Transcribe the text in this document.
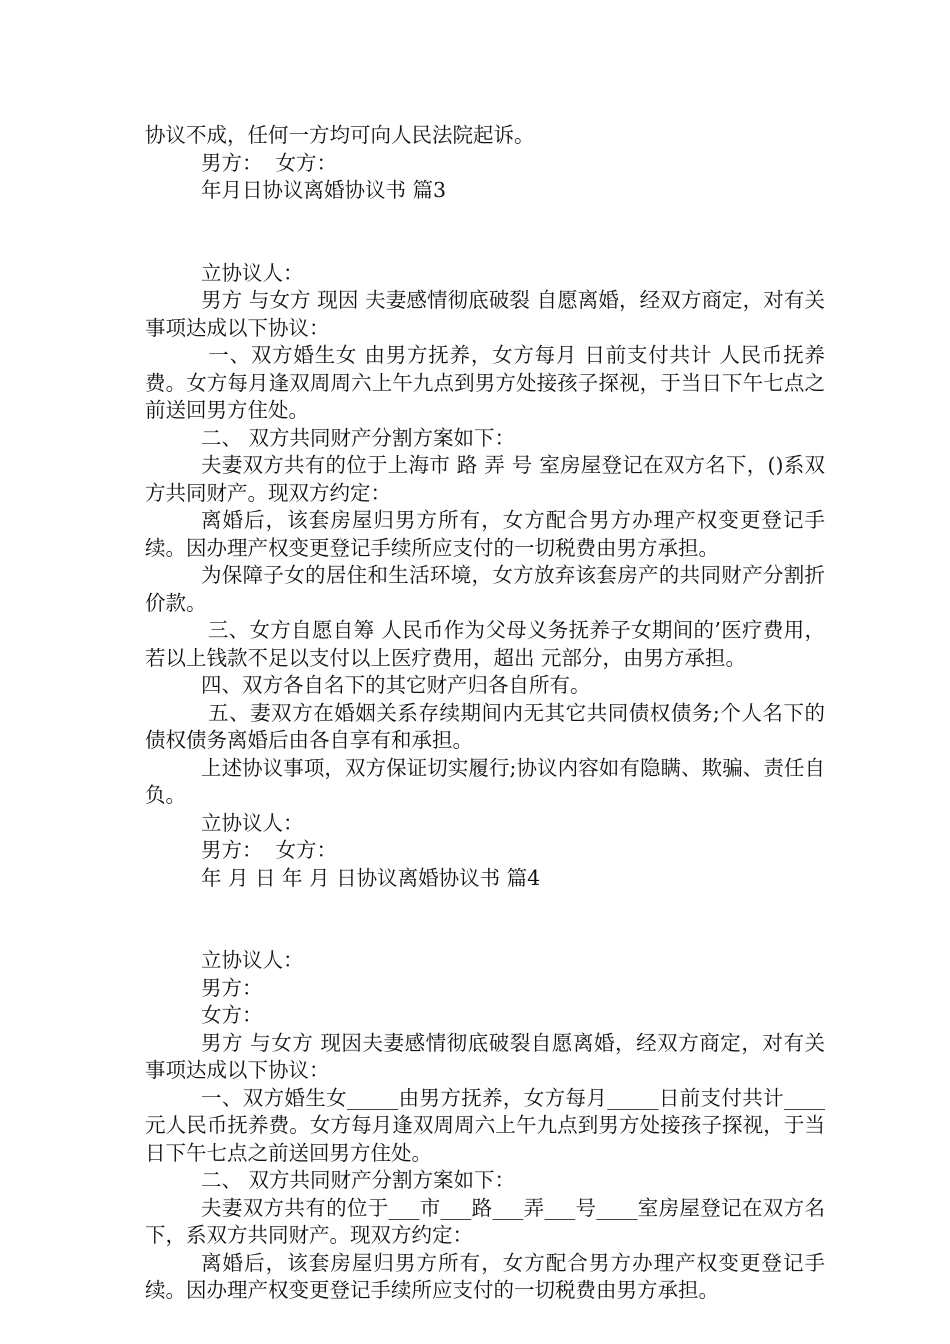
协议不成，任何一方均可向人民法院起诉。

男方：  女方：

年月日协议离婚协议书 篇3

立协议人：

男方 与女方 现因 夫妻感情彻底破裂 自愿离婚，经双方商定，对有关事项达成以下协议：

一、双方婚生女 由男方抚养，女方每月 日前支付共计 人民币抚养费。女方每月逢双周周六上午九点到男方处接孩子探视，于当日下午七点之前送回男方住处。

二、 双方共同财产分割方案如下：

夫妻双方共有的位于上海市 路 弄 号 室房屋登记在双方名下，()系双方共同财产。现双方约定：

离婚后，该套房屋归男方所有，女方配合男方办理产权变更登记手续。因办理产权变更登记手续所应支付的一切税费由男方承担。

为保障子女的居住和生活环境，女方放弃该套房产的共同财产分割折价款。

三、女方自愿自筹 人民币作为父母义务抚养子女期间的’医疗费用，若以上钱款不足以支付以上医疗费用，超出 元部分，由男方承担。

四、双方各自名下的其它财产归各自所有。

五、妻双方在婚姻关系存续期间内无其它共同债权债务;个人名下的债权债务离婚后由各自享有和承担。

上述协议事项，双方保证切实履行;协议内容如有隐瞒、欺骗、责任自负。

立协议人：

男方：  女方：

年 月 日 年 月 日协议离婚协议书 篇4

立协议人：

男方：

女方：

男方 与女方 现因夫妻感情彻底破裂自愿离婚，经双方商定，对有关事项达成以下协议：

一、双方婚生女_____由男方抚养，女方每月_____日前支付共计____元人民币抚养费。女方每月逢双周周六上午九点到男方处接孩子探视，于当日下午七点之前送回男方住处。

二、 双方共同财产分割方案如下：

夫妻双方共有的位于___市___路___弄___号____室房屋登记在双方名下，系双方共同财产。现双方约定：

离婚后，该套房屋归男方所有，女方配合男方办理产权变更登记手续。因办理产权变更登记手续所应支付的一切税费由男方承担。
